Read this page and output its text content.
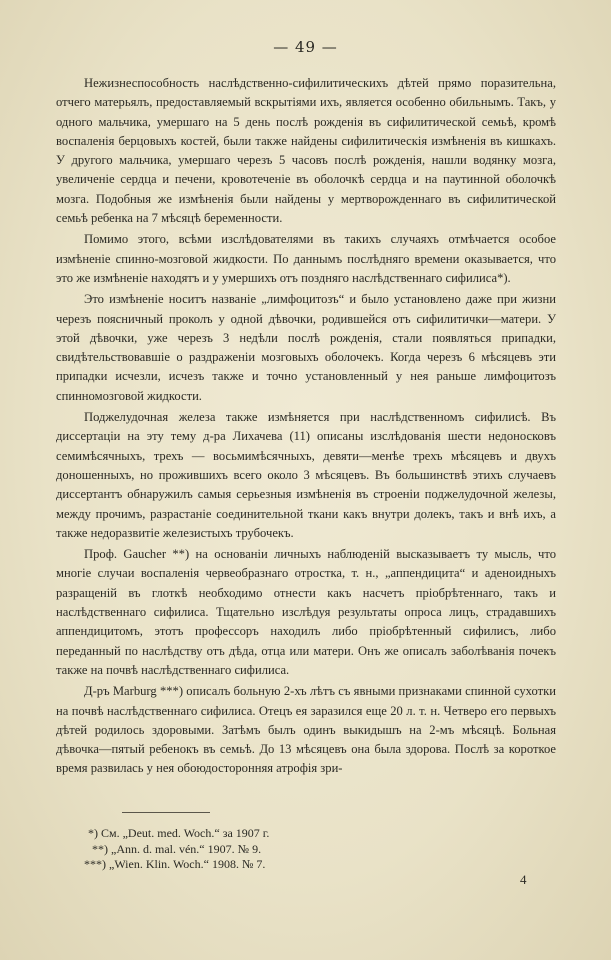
— 49 —

Нежизнеспособность наслѣдственно-сифилитическихъ дѣтей прямо поразительна, отчего матерьялъ, предоставляемый вскрытіями ихъ, является особенно обильнымъ. Такъ, у одного мальчика, умершаго на 5 день послѣ рожденія въ сифилитической семьѣ, кромѣ воспаленія берцовыхъ костей, были также найдены сифилитическія измѣненія въ кишкахъ. У другого мальчика, умершаго черезъ 5 часовъ послѣ рожденія, нашли водянку мозга, увеличеніе сердца и печени, кровотеченіе въ оболочкѣ сердца и на паутинной оболочкѣ мозга. Подобныя же измѣненія были найдены у мертворожденнаго въ сифилитической семьѣ ребенка на 7 мѣсяцѣ беременности.

Помимо этого, всѣми изслѣдователями въ такихъ случаяхъ отмѣчается особое измѣненіе спинно-мозговой жидкости. По даннымъ послѣдняго времени оказывается, что это же измѣненіе находятъ и у умершихъ отъ поздняго наслѣдственнаго сифилиса*).

Это измѣненіе носитъ названіе „лимфоцитозъ“ и было установлено даже при жизни черезъ поясничный проколъ у одной дѣвочки, родившейся отъ сифилитички—матери. У этой дѣвочки, уже черезъ 3 недѣли послѣ рожденія, стали появляться припадки, свидѣтельствовавшіе о раздраженіи мозговыхъ оболочекъ. Когда черезъ 6 мѣсяцевъ эти припадки исчезли, исчезъ также и точно установленный у нея раньше лимфоцитозъ спинномозговой жидкости.

Поджелудочная железа также измѣняется при наслѣдственномъ сифилисѣ. Въ диссертаціи на эту тему д-ра Лихачева (11) описаны изслѣдованія шести недоносковъ семимѣсячныхъ, трехъ — восьмимѣсячныхъ, девяти—менѣе трехъ мѣсяцевъ и двухъ доношенныхъ, но прожившихъ всего около 3 мѣсяцевъ. Въ большинствѣ этихъ случаевъ диссертантъ обнаружилъ самыя серьезныя измѣненія въ строеніи поджелудочной железы, между прочимъ, разрастаніе соединительной ткани какъ внутри долекъ, такъ и внѣ ихъ, а также недоразвитіе железистыхъ трубочекъ.

Проф. Gaucher **) на основаніи личныхъ наблюденій высказываетъ ту мысль, что многіе случаи воспаленія червеобразнаго отростка, т. н., „аппендицита“ и аденоидныхъ разращеній въ глоткѣ необходимо отнести какъ насчетъ пріобрѣтеннаго, такъ и наслѣдственнаго сифилиса. Тщательно изслѣдуя результаты опроса лицъ, страдавшихъ аппендицитомъ, этотъ профессоръ находилъ либо пріобрѣтенный сифилисъ, либо переданный по наслѣдству отъ дѣда, отца или матери. Онъ же описалъ заболѣванія почекъ также на почвѣ наслѣдственнаго сифилиса.

Д-ръ Marburg ***) описалъ больную 2-хъ лѣтъ съ явными признаками спинной сухотки на почвѣ наслѣдственнаго сифилиса. Отецъ ея заразился еще 20 л. т. н. Четверо его первыхъ дѣтей родилось здоровыми. Затѣмъ былъ одинъ выкидышъ на 2-мъ мѣсяцѣ. Больная дѣвочка—пятый ребенокъ въ семьѣ. До 13 мѣсяцевъ она была здорова. Послѣ за короткое время развилась у нея обоюдосторонняя атрофія зри-

*) См. „Deut. med. Woch.“ за 1907 г.
**) „Ann. d. mal. vén.“ 1907. № 9.
***) „Wien. Klin. Woch.“ 1908. № 7.
4
